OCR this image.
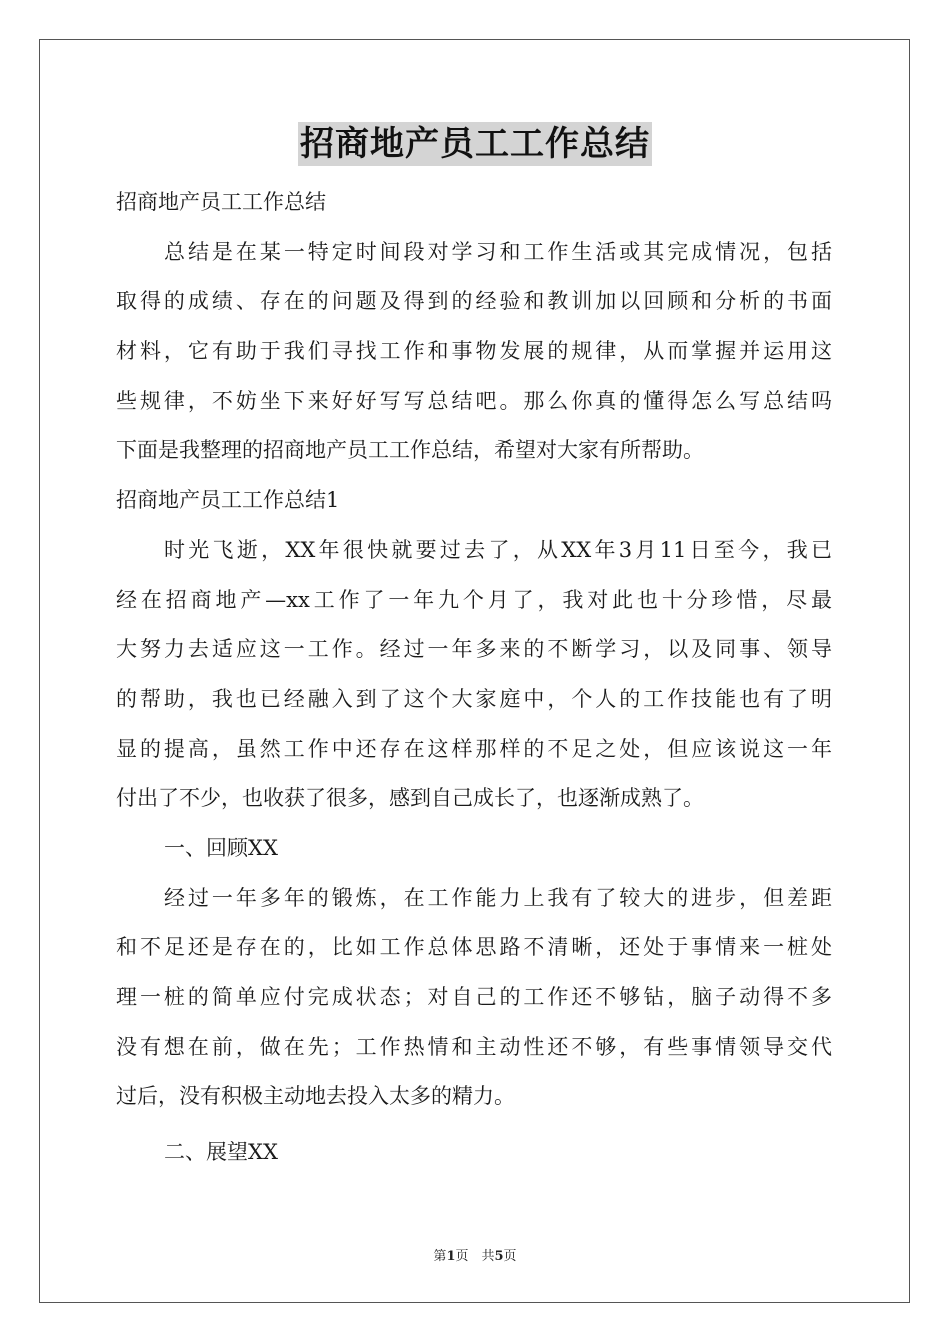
招商地产员工工作总结
招商地产员工工作总结
总结是在某一特定时间段对学习和工作生活或其完成情况，包括
取得的成绩、存在的问题及得到的经验和教训加以回顾和分析的书面
材料，它有助于我们寻找工作和事物发展的规律，从而掌握并运用这
些规律，不妨坐下来好好写写总结吧。那么你真的懂得怎么写总结吗
下面是我整理的招商地产员工工作总结，希望对大家有所帮助。
招商地产员工工作总结1
时光飞逝，XX年很快就要过去了，从XX年3月11日至今，我已
经在招商地产—xx工作了一年九个月了，我对此也十分珍惜，尽最
大努力去适应这一工作。经过一年多来的不断学习，以及同事、领导
的帮助，我也已经融入到了这个大家庭中，个人的工作技能也有了明
显的提高，虽然工作中还存在这样那样的不足之处，但应该说这一年
付出了不少，也收获了很多，感到自己成长了，也逐渐成熟了。
一、回顾XX
经过一年多年的锻炼，在工作能力上我有了较大的进步，但差距
和不足还是存在的，比如工作总体思路不清晰，还处于事情来一桩处
理一桩的简单应付完成状态；对自己的工作还不够钻，脑子动得不多
没有想在前，做在先；工作热情和主动性还不够，有些事情领导交代
过后，没有积极主动地去投入太多的精力。
二、展望XX
第1页　共5页
